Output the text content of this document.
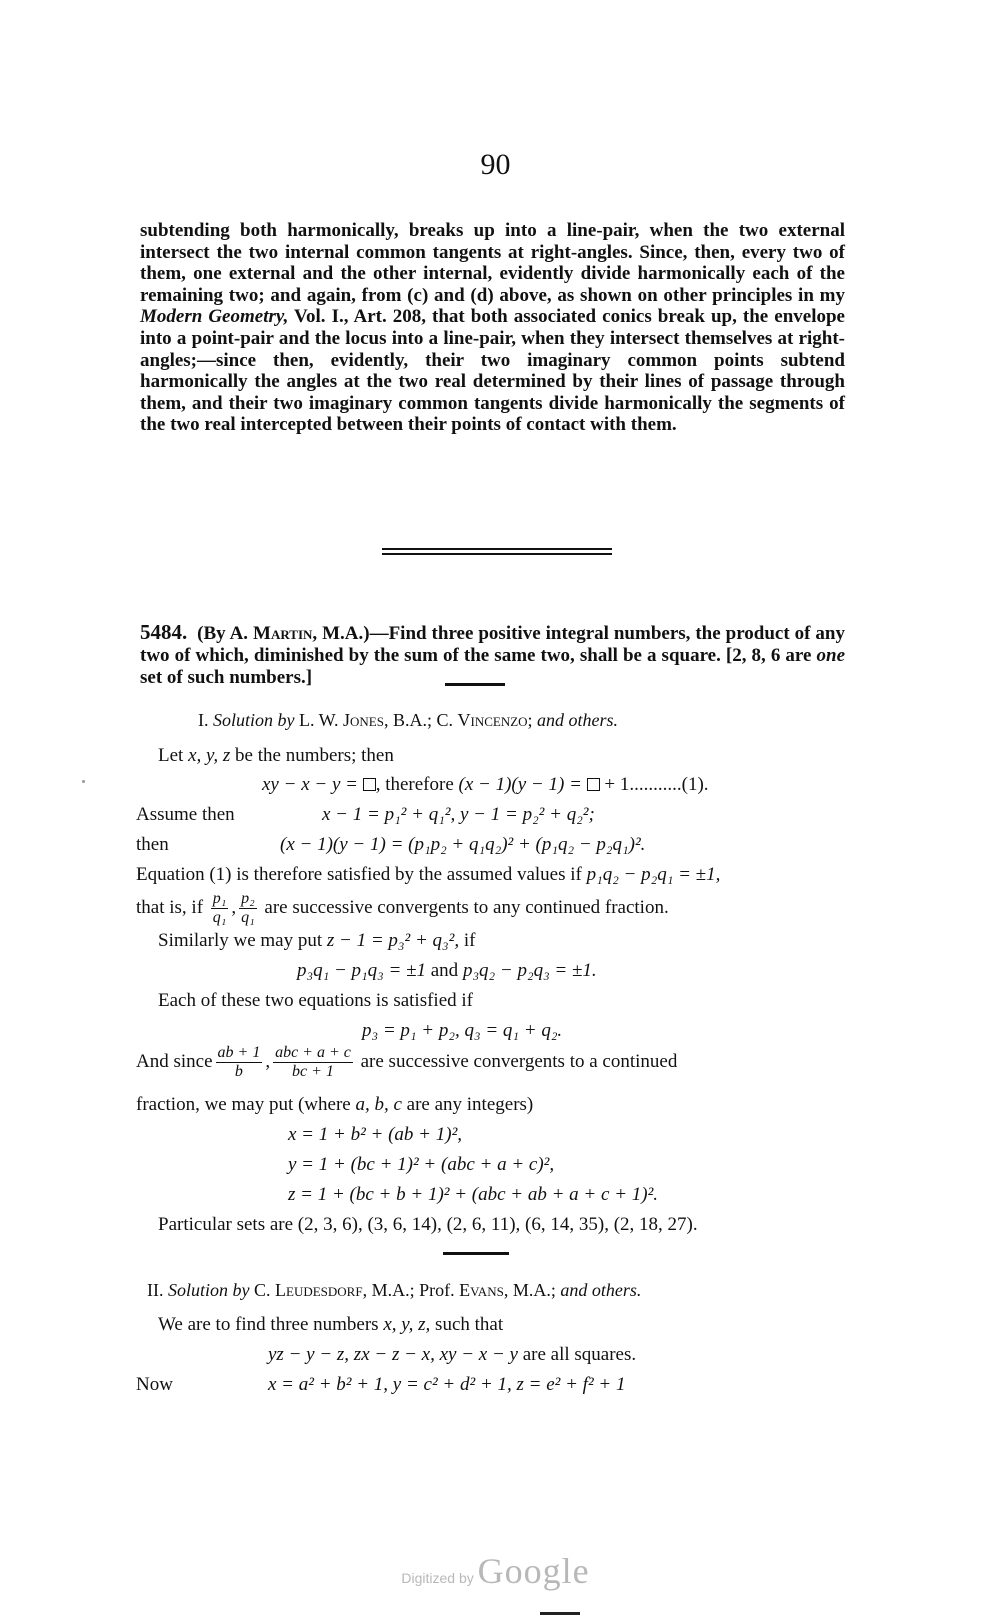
90
subtending both harmonically, breaks up into a line-pair, when the two external intersect the two internal common tangents at right-angles. Since, then, every two of them, one external and the other internal, evidently divide harmonically each of the remaining two; and again, from (c) and (d) above, as shown on other principles in my Modern Geometry, Vol. I., Art. 208, that both associated conics break up, the envelope into a point-pair and the locus into a line-pair, when they intersect themselves at right-angles;—since then, evidently, their two imaginary common points subtend harmonically the angles at the two real determined by their lines of passage through them, and their two imaginary common tangents divide harmonically the segments of the two real intercepted between their points of contact with them.
5484. (By A. Martin, M.A.)—Find three positive integral numbers, the product of any two of which, diminished by the sum of the same two, shall be a square. [2, 8, 6 are one set of such numbers.]
I. Solution by L. W. Jones, B.A.; C. Vincenzo; and others.
Let x, y, z be the numbers; then
xy − x − y = , therefore (x − 1)(y − 1) =  + 1...........(1).
Assume then	x − 1 = p₁² + q₁², y − 1 = p₂² + q₂²;
then	(x − 1)(y − 1) = (p₁p₂ + q₁q₂)² + (p₁q₂ − p₂q₁)².
Equation (1) is therefore satisfied by the assumed values if p₁q₂ − p₂q₁ = ±1,
that is, if $\frac{\text{p₁}}{\text{q₁}}$ , $\frac{\text{p₂}}{\text{q₁}}$ are successive convergents to any continued fraction.
Similarly we may put z − 1 = p₃² + q₃², if
p₃q₁ − p₁q₃ = ±1 and p₃q₂ − p₂q₃ = ±1.
Each of these two equations is satisfied if
p₃ = p₁ + p₂, q₃ = q₁ + q₂.
And since $\frac{ab + 1}{b}$ , $\frac{\text{abc + a + c}}{bc + 1}$ are successive convergents to a continued
fraction, we may put (where a, b, c are any integers)
x = 1 + b² + (ab + 1)²,
y = 1 + (bc + 1)² + (abc + a + c)²,
z = 1 + (bc + b + 1)² + (abc + ab + a + c + 1)².
Particular sets are (2, 3, 6), (3, 6, 14), (2, 6, 11), (6, 14, 35), (2, 18, 27).
II. Solution by C. Leudesdorf, M.A.; Prof. Evans, M.A.; and others.
We are to find three numbers x, y, z, such that
yz − y − z, zx − z − x, xy − x − y are all squares.
Now	x = a² + b² + 1, y = c² + d² + 1, z = e² + f² + 1
Digitized by Google
